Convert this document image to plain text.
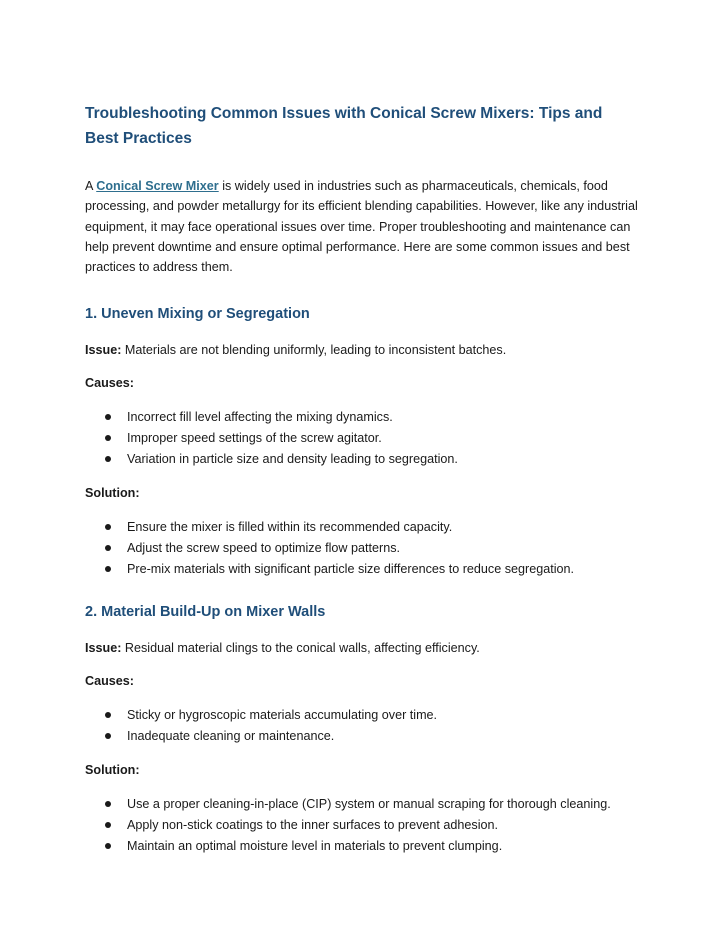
Troubleshooting Common Issues with Conical Screw Mixers: Tips and Best Practices

A Conical Screw Mixer is widely used in industries such as pharmaceuticals, chemicals, food processing, and powder metallurgy for its efficient blending capabilities. However, like any industrial equipment, it may face operational issues over time. Proper troubleshooting and maintenance can help prevent downtime and ensure optimal performance. Here are some common issues and best practices to address them.

1. Uneven Mixing or Segregation

Issue: Materials are not blending uniformly, leading to inconsistent batches.

Causes:

Incorrect fill level affecting the mixing dynamics.
Improper speed settings of the screw agitator.
Variation in particle size and density leading to segregation.

Solution:

Ensure the mixer is filled within its recommended capacity.
Adjust the screw speed to optimize flow patterns.
Pre-mix materials with significant particle size differences to reduce segregation.
2. Material Build-Up on Mixer Walls

Issue: Residual material clings to the conical walls, affecting efficiency.

Causes:

Sticky or hygroscopic materials accumulating over time.
Inadequate cleaning or maintenance.

Solution:

Use a proper cleaning-in-place (CIP) system or manual scraping for thorough cleaning.
Apply non-stick coatings to the inner surfaces to prevent adhesion.
Maintain an optimal moisture level in materials to prevent clumping.
